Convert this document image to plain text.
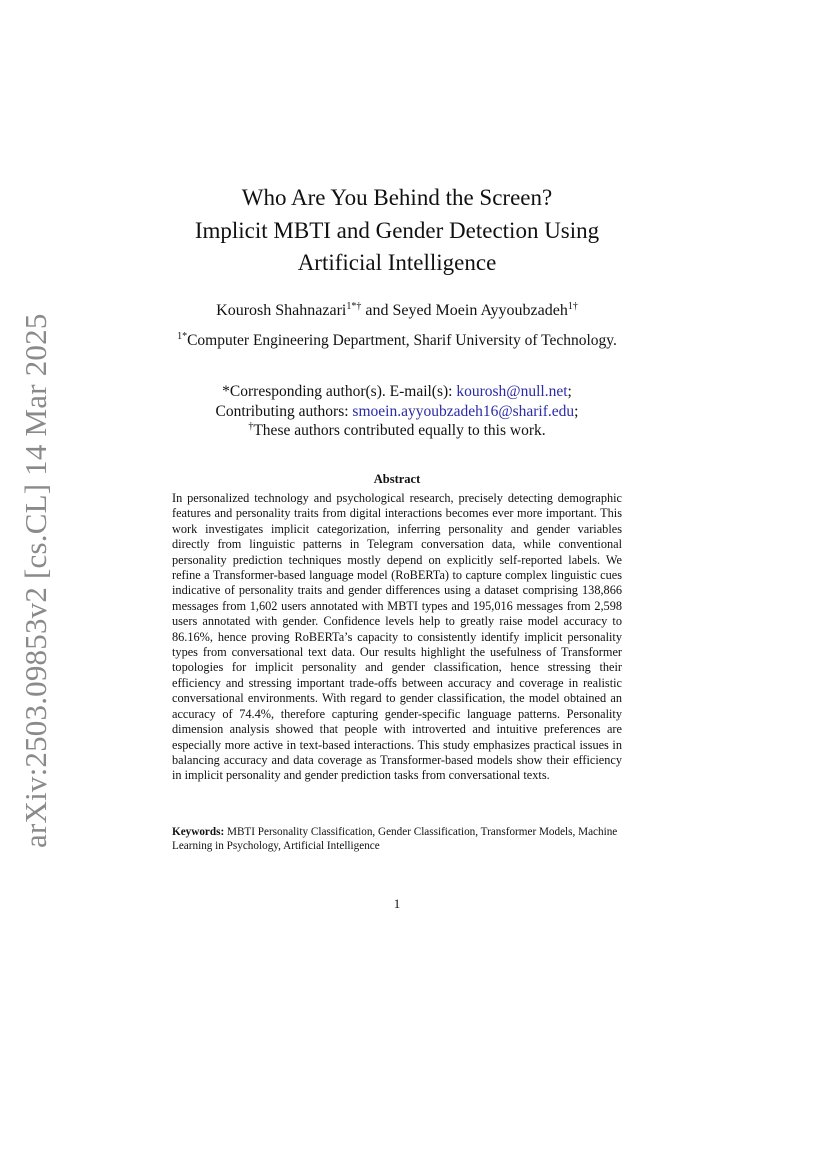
arXiv:2503.09853v2 [cs.CL] 14 Mar 2025
Who Are You Behind the Screen?
Implicit MBTI and Gender Detection Using
Artificial Intelligence
Kourosh Shahnazari$^{1*\dagger}$ and Seyed Moein Ayyoubzadeh$^{1\dagger}$
$^{1*}$Computer Engineering Department, Sharif University of Technology.
*Corresponding author(s). E-mail(s): kourosh@null.net;
Contributing authors: smoein.ayyoubzadeh16@sharif.edu;
†These authors contributed equally to this work.
Abstract
In personalized technology and psychological research, precisely detecting demographic features and personality traits from digital interactions becomes ever more important. This work investigates implicit categorization, inferring personality and gender variables directly from linguistic patterns in Telegram conversation data, while conventional personality prediction techniques mostly depend on explicitly self-reported labels. We refine a Transformer-based language model (RoBERTa) to capture complex linguistic cues indicative of personality traits and gender differences using a dataset comprising 138,866 messages from 1,602 users annotated with MBTI types and 195,016 messages from 2,598 users annotated with gender. Confidence levels help to greatly raise model accuracy to 86.16%, hence proving RoBERTa’s capacity to consistently identify implicit personality types from conversational text data. Our results highlight the usefulness of Transformer topologies for implicit personality and gender classification, hence stressing their efficiency and stressing important trade-offs between accuracy and coverage in realistic conversational environments. With regard to gender classification, the model obtained an accuracy of 74.4%, therefore capturing gender-specific language patterns. Personality dimension analysis showed that people with introverted and intuitive preferences are especially more active in text-based interactions. This study emphasizes practical issues in balancing accuracy and data coverage as Transformer-based models show their efficiency in implicit personality and gender prediction tasks from conversational texts.
Keywords: MBTI Personality Classification, Gender Classification, Transformer Models, Machine Learning in Psychology, Artificial Intelligence
1
